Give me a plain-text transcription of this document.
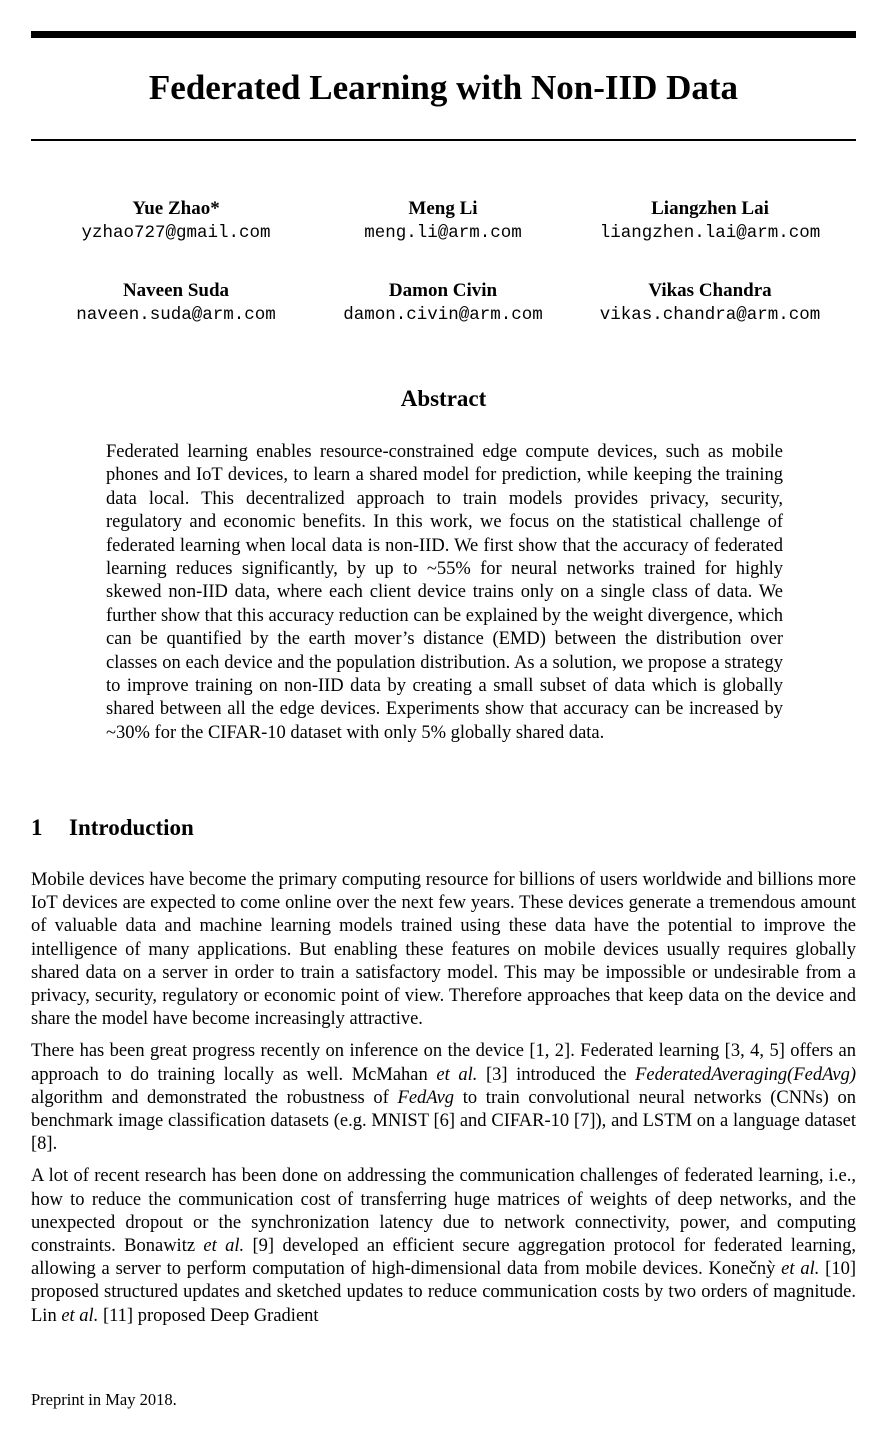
Federated Learning with Non-IID Data
Yue Zhao*
yzhao727@gmail.com
Meng Li
meng.li@arm.com
Liangzhen Lai
liangzhen.lai@arm.com
Naveen Suda
naveen.suda@arm.com
Damon Civin
damon.civin@arm.com
Vikas Chandra
vikas.chandra@arm.com
Abstract

Federated learning enables resource-constrained edge compute devices, such as mobile phones and IoT devices, to learn a shared model for prediction, while keeping the training data local. This decentralized approach to train models provides privacy, security, regulatory and economic benefits. In this work, we focus on the statistical challenge of federated learning when local data is non-IID. We first show that the accuracy of federated learning reduces significantly, by up to ~55% for neural networks trained for highly skewed non-IID data, where each client device trains only on a single class of data. We further show that this accuracy reduction can be explained by the weight divergence, which can be quantified by the earth mover’s distance (EMD) between the distribution over classes on each device and the population distribution. As a solution, we propose a strategy to improve training on non-IID data by creating a small subset of data which is globally shared between all the edge devices. Experiments show that accuracy can be increased by ~30% for the CIFAR-10 dataset with only 5% globally shared data.

1 Introduction

Mobile devices have become the primary computing resource for billions of users worldwide and billions more IoT devices are expected to come online over the next few years. These devices generate a tremendous amount of valuable data and machine learning models trained using these data have the potential to improve the intelligence of many applications. But enabling these features on mobile devices usually requires globally shared data on a server in order to train a satisfactory model. This may be impossible or undesirable from a privacy, security, regulatory or economic point of view. Therefore approaches that keep data on the device and share the model have become increasingly attractive.

There has been great progress recently on inference on the device [1, 2]. Federated learning [3, 4, 5] offers an approach to do training locally as well. McMahan et al. [3] introduced the FederatedAveraging(FedAvg) algorithm and demonstrated the robustness of FedAvg to train convolutional neural networks (CNNs) on benchmark image classification datasets (e.g. MNIST [6] and CIFAR-10 [7]), and LSTM on a language dataset [8].

A lot of recent research has been done on addressing the communication challenges of federated learning, i.e., how to reduce the communication cost of transferring huge matrices of weights of deep networks, and the unexpected dropout or the synchronization latency due to network connectivity, power, and computing constraints. Bonawitz et al. [9] developed an efficient secure aggregation protocol for federated learning, allowing a server to perform computation of high-dimensional data from mobile devices. Konečnỳ et al. [10] proposed structured updates and sketched updates to reduce communication costs by two orders of magnitude. Lin et al. [11] proposed Deep Gradient

Preprint in May 2018.
